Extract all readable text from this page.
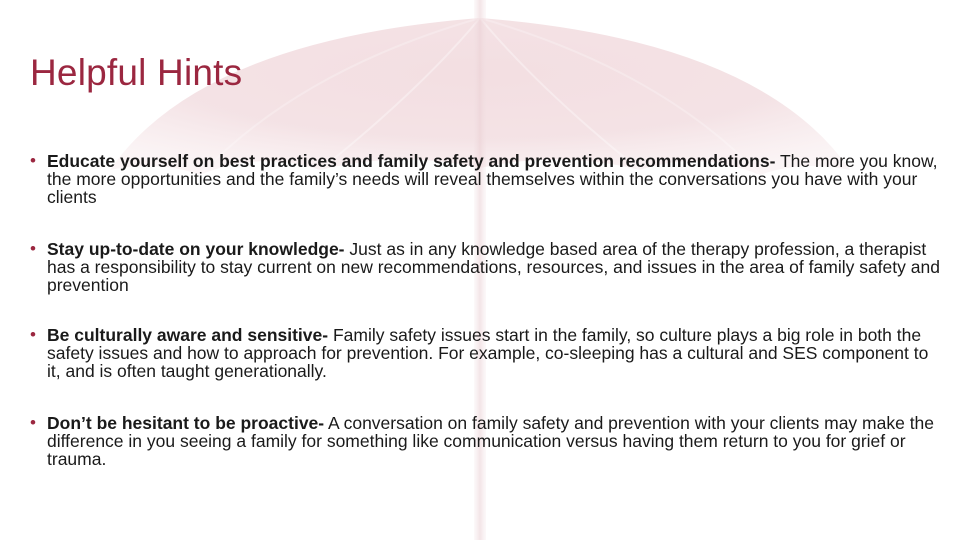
Helpful Hints
• Educate yourself on best practices and family safety and prevention recommendations- The more you know, the more opportunities and the family’s needs will reveal themselves within the conversations you have with your clients
• Stay up-to-date on your knowledge- Just as in any knowledge based area of the therapy profession, a therapist has a responsibility to stay current on new recommendations, resources, and issues in the area of family safety and prevention
• Be culturally aware and sensitive- Family safety issues start in the family, so culture plays a big role in both the safety issues and how to approach for prevention. For example, co-sleeping has a cultural and SES component to it, and is often taught generationally.
• Don’t be hesitant to be proactive- A conversation on family safety and prevention with your clients may make the difference in you seeing a family for something like communication versus having them return to you for grief or trauma.
